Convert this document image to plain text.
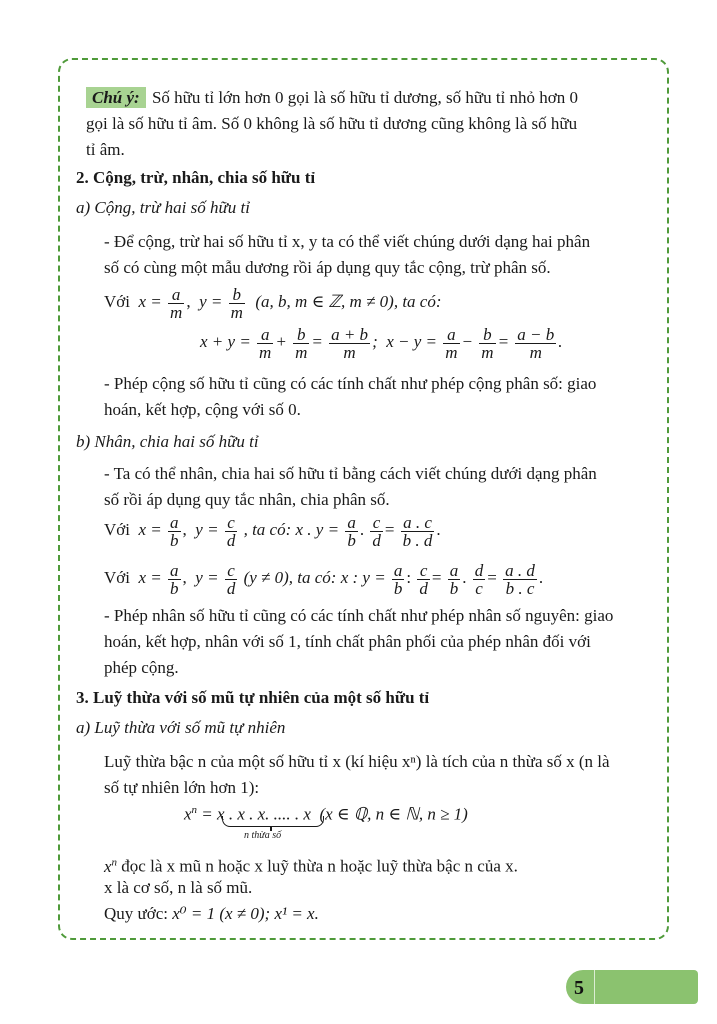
Chú ý: Số hữu tỉ lớn hơn 0 gọi là số hữu tỉ dương, số hữu tỉ nhỏ hơn 0
gọi là số hữu tỉ âm. Số 0 không là số hữu tỉ dương cũng không là số hữu
tỉ âm.
2. Cộng, trừ, nhân, chia số hữu tỉ
a) Cộng, trừ hai số hữu tỉ
- Để cộng, trừ hai số hữu tỉ x, y ta có thể viết chúng dưới dạng hai phân
số có cùng một mẫu dương rồi áp dụng quy tắc cộng, trừ phân số.
Với  $x = \frac{a}{m}$ ,  $y = \frac{b}{m} (a$, b, m ∈ ℤ, m ≠ 0), ta có:
$x + y = \frac{a}{m} + \frac{b}{m} = \frac{a + b}{m}$ ;  $x - y = \frac{a}{m} - \frac{b}{m} = \frac{a - b}{m}$ .
- Phép cộng số hữu tỉ cũng có các tính chất như phép cộng phân số: giao
hoán, kết hợp, cộng với số 0.
b) Nhân, chia hai số hữu tỉ
- Ta có thể nhân, chia hai số hữu tỉ bằng cách viết chúng dưới dạng phân
số rồi áp dụng quy tắc nhân, chia phân số.
Với  $x = \frac{a}{b}$ ,  $y = \frac{c}{d}$ , ta có: x . $y = \frac{a}{b}$ . $\frac{c}{d} = \frac{a . c}{b . d}$ .
Với  $x = \frac{a}{b}$ ,  $y = \frac{c}{d} (y \ne 0)$, ta có: x : $y = \frac{a}{b}$ : $\frac{c}{d} = \frac{a}{b}$ . $\frac{d}{c} = \frac{a . d}{b . c}$ .
- Phép nhân số hữu tỉ cũng có các tính chất như phép nhân số nguyên: giao
hoán, kết hợp, nhân với số 1, tính chất phân phối của phép nhân đối với
phép cộng.
3. Luỹ thừa với số mũ tự nhiên của một số hữu tỉ
a) Luỹ thừa với số mũ tự nhiên
Luỹ thừa bậc n của một số hữu tỉ x (kí hiệu xⁿ) là tích của n thừa số x (n là
số tự nhiên lớn hơn 1):
$x^n = x$ . x . x. .... . x (x ∈ ℚ, n ∈ ℕ, n ≥ 1)
n thừa số
$x^n$ đọc là x mũ n hoặc x luỹ thừa n hoặc luỹ thừa bậc n của x.
x là cơ số, n là số mũ.
Quy ước: x⁰ = 1 (x ≠ 0); x¹ = x.
5
